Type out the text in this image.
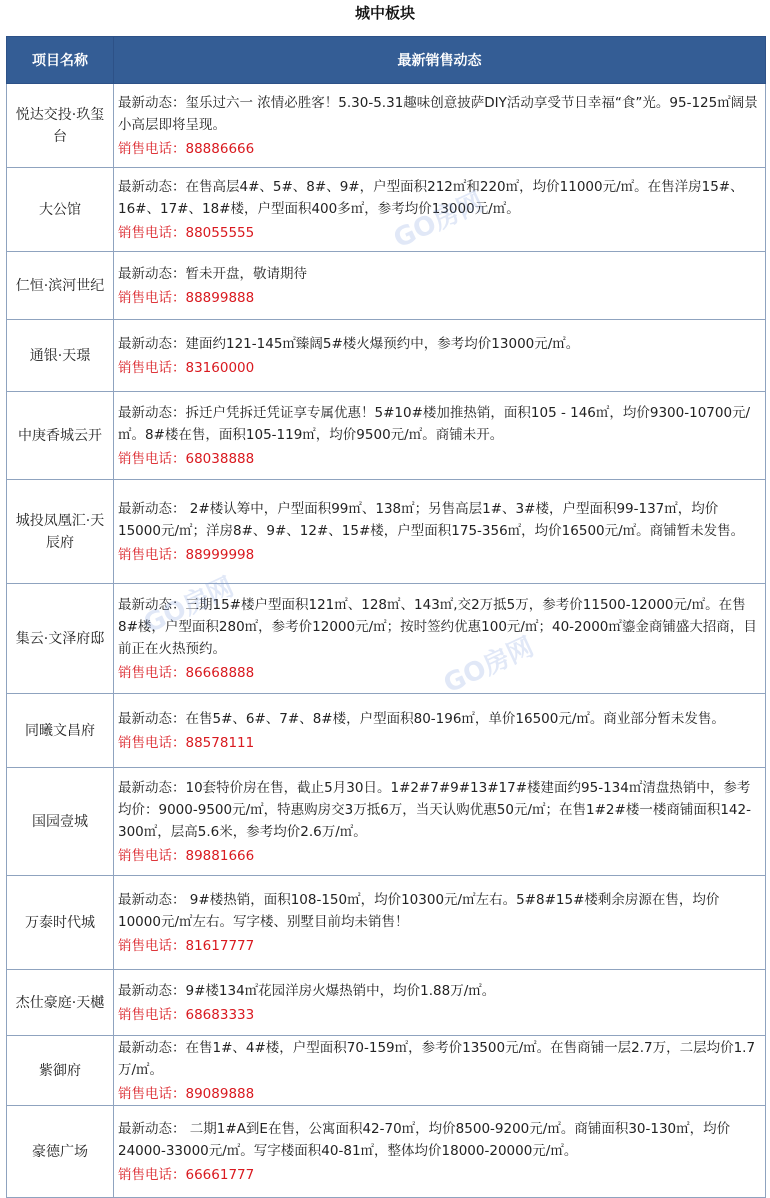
城中板块
项目名称	最新销售动态
悦达交投·玖玺台	最新动态：玺乐过六一 浓情必胜客！5.30-5.31趣味创意披萨DIY活动享受节日幸福“食”光。95-125㎡阔景小高层即将呈现。
销售电话：88886666

大公馆	最新动态：在售高层4#、5#、8#、9#，户型面积212㎡和220㎡，均价11000元/㎡。在售洋房15#、16#、17#、18#楼，户型面积400多㎡，参考均价13000元/㎡。
销售电话：88055555

仁恒·滨河世纪	最新动态：暂未开盘，敬请期待
销售电话：88899888

通银·天璟	最新动态：建面约121-145㎡臻阔5#楼火爆预约中，参考均价13000元/㎡。
销售电话：83160000

中庚香城云开	最新动态：拆迁户凭拆迁凭证享专属优惠！5#10#楼加推热销，面积105 - 146㎡，均价9300-10700元/㎡。8#楼在售，面积105-119㎡，均价9500元/㎡。商铺未开。
销售电话：68038888

城投凤凰汇·天辰府	最新动态： 2#楼认筹中，户型面积99㎡、138㎡；另售高层1#、3#楼，户型面积99-137㎡，均价15000元/㎡；洋房8#、9#、12#、15#楼，户型面积175-356㎡，均价16500元/㎡。商铺暂未发售。
销售电话：88999998

集云·文泽府邸	最新动态：三期15#楼户型面积121㎡、128㎡、143㎡,交2万抵5万，参考价11500-12000元/㎡。在售8#楼，户型面积280㎡，参考价12000元/㎡；按时签约优惠100元/㎡；40-2000㎡鎏金商铺盛大招商，目前正在火热预约。
销售电话：86668888

同曦文昌府	最新动态：在售5#、6#、7#、8#楼，户型面积80-196㎡，单价16500元/㎡。商业部分暂未发售。
销售电话：88578111

国园壹城	最新动态：10套特价房在售，截止5月30日。1#2#7#9#13#17#楼建面约95-134㎡清盘热销中，参考均价：9000-9500元/㎡，特惠购房交3万抵6万，当天认购优惠50元/㎡；在售1#2#楼一楼商铺面积142-300㎡，层高5.6米，参考均价2.6万/㎡。
销售电话：89881666

万泰时代城	最新动态： 9#楼热销，面积108-150㎡，均价10300元/㎡左右。5#8#15#楼剩余房源在售，均价10000元/㎡左右。写字楼、别墅目前均未销售！
销售电话：81617777

杰仕豪庭·天樾	最新动态：9#楼134㎡花园洋房火爆热销中，均价1.88万/㎡。
销售电话：68683333

紫御府	最新动态：在售1#、4#楼，户型面积70-159㎡，参考价13500元/㎡。在售商铺一层2.7万，二层均价1.7万/㎡。
销售电话：89089888

豪德广场	最新动态： 二期1#A到E在售，公寓面积42-70㎡，均价8500-9200元/㎡。商铺面积30-130㎡，均价24000-33000元/㎡。写字楼面积40-81㎡，整体均价18000-20000元/㎡。
销售电话：66661777
GO房网
GO房网
GO房网
